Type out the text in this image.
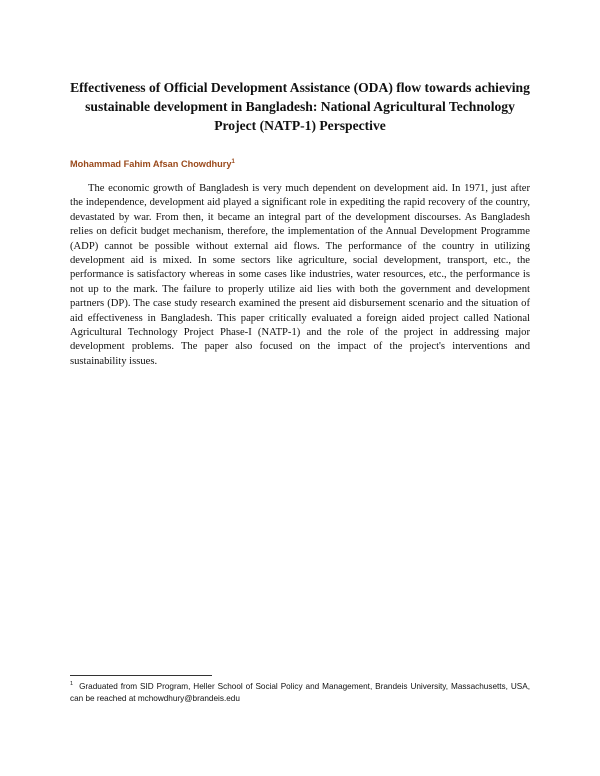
Effectiveness of Official Development Assistance (ODA) flow towards achieving sustainable development in Bangladesh: National Agricultural Technology Project (NATP-1) Perspective
Mohammad Fahim Afsan Chowdhury$^1$

The economic growth of Bangladesh is very much dependent on development aid. In 1971, just after the independence, development aid played a significant role in expediting the rapid recovery of the country, devastated by war. From then, it became an integral part of the development discourses. As Bangladesh relies on deficit budget mechanism, therefore, the implementation of the Annual Development Programme (ADP) cannot be possible without external aid flows. The performance of the country in utilizing development aid is mixed. In some sectors like agriculture, social development, transport, etc., the performance is satisfactory whereas in some cases like industries, water resources, etc., the performance is not up to the mark. The failure to properly utilize aid lies with both the government and development partners (DP). The case study research examined the present aid disbursement scenario and the situation of aid effectiveness in Bangladesh. This paper critically evaluated a foreign aided project called National Agricultural Technology Project Phase-I (NATP-1) and the role of the project in addressing major development problems. The paper also focused on the impact of the project's interventions and sustainability issues.

$^1$ Graduated from SID Program, Heller School of Social Policy and Management, Brandeis University, Massachusetts, USA, can be reached at mchowdhury@brandeis.edu
